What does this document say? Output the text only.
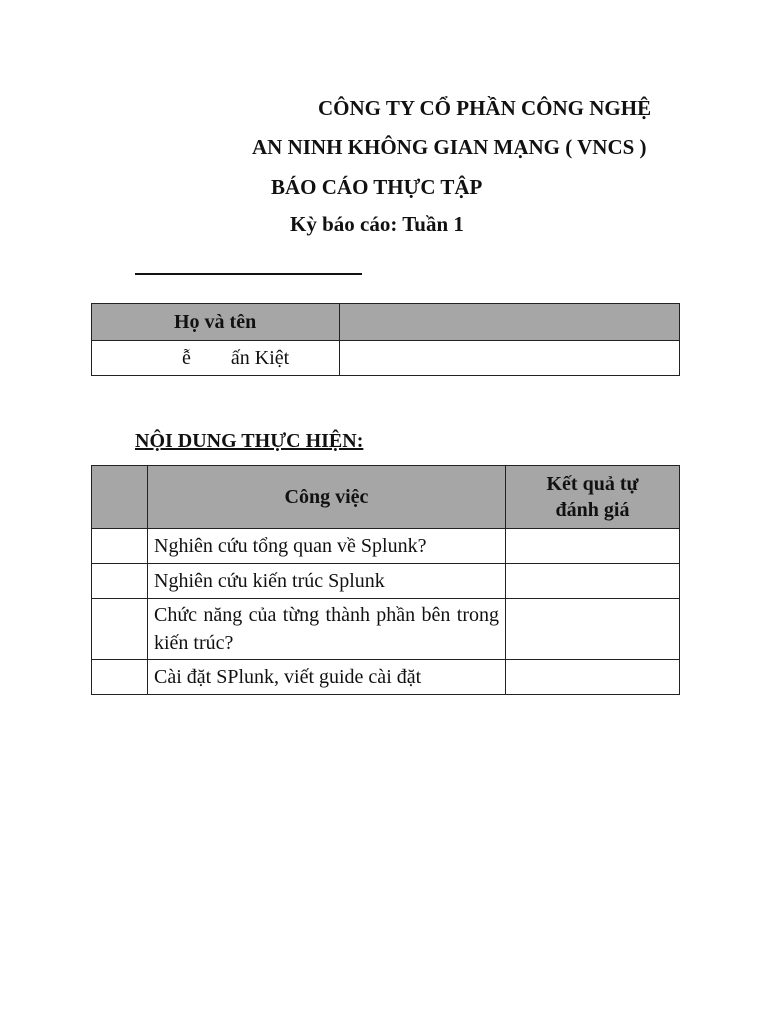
CÔNG TY CỔ PHẦN CÔNG NGHỆ
AN NINH KHÔNG GIAN MẠNG ( VNCS )
BÁO CÁO THỰC TẬP
Kỳ báo cáo: Tuần 1
Họ và tên	
ễ        ấn Kiệt	
NỘI DUNG THỰC HIỆN:
	Công việc	Kết quả tự
đánh giá

	Nghiên cứu tổng quan về Splunk?	
	Nghiên cứu kiến trúc Splunk	
	Chức năng của từng thành phần bên trong kiến trúc?	
	Cài đặt SPlunk, viết guide cài đặt	
